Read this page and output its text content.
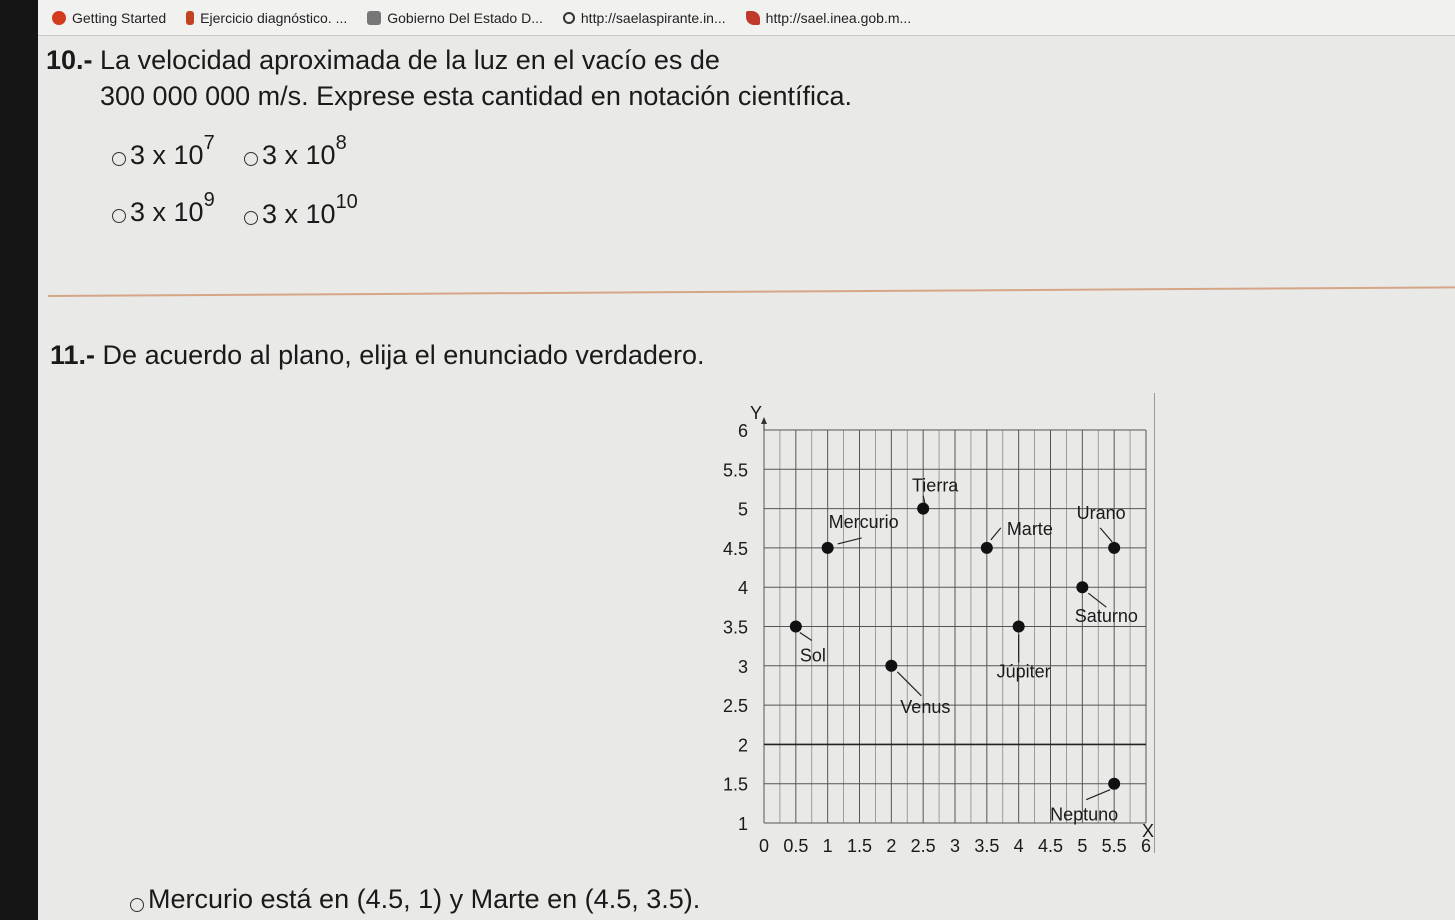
Getting Started Ejercicio diagnóstico. ...	Gobierno Del Estado D...	http://saelaspirante.in...	http://sael.inea.gob.m...
10.- La velocidad aproximada de la luz en el vacío es de
300 000 000 m/s. Exprese esta cantidad en notación científica.
3 x $10^7$ 3 x $10^8$
3 x $10^9$ 3 x $10^{10}$
11.- De acuerdo al plano, elija el enunciado verdadero.
6
5.5
5
4.5
4
3.5
3
2.5
2
1.5
1
0 0.5 1 1.5 2 2.5 3 3.5 4 4.5 5 5.5 6
Y
X
Tierra
Mercurio	Marte
Urano
Saturno
Sol
Júpiter
Venus
Neptuno
Mercurio está en (4.5, 1) y Marte en (4.5, 3.5).
